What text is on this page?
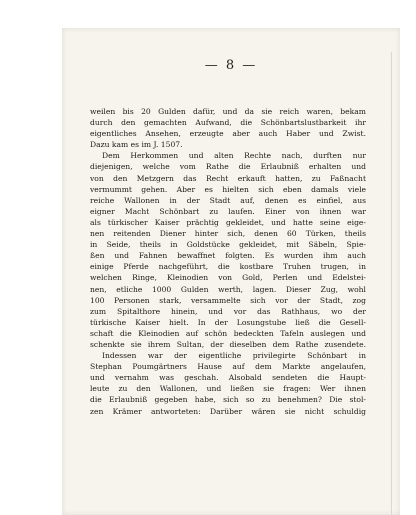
— 8 —
weilen bis 20 Gulden dafür, und da sie reich waren, bekam
durch den gemachten Aufwand, die Schönbartslustbarkeit ihr
eigentliches Ansehen, erzeugte aber auch Haber und Zwist.
Dazu kam es im J. 1507.
Dem Herkommen und alten Rechte nach, durften nur
diejenigen, welche vom Rathe die Erlaubniß erhalten und
von den Metzgern das Recht erkauft hatten, zu Faßnacht
vermummt gehen. Aber es hielten sich eben damals viele
reiche Wallonen in der Stadt auf, denen es einfiel, aus
eigner Macht Schönbart zu laufen. Einer von ihnen war
als türkischer Kaiser prächtig gekleidet, und hatte seine eige-
nen reitenden Diener hinter sich, denen 60 Türken, theils
in Seide, theils in Goldstücke gekleidet, mit Säbeln, Spie-
ßen und Fahnen bewaffnet folgten. Es wurden ihm auch
einige Pferde nachgeführt, die kostbare Truhen trugen, in
welchen Ringe, Kleinodien von Gold, Perlen und Edelstei-
nen, etliche 1000 Gulden werth, lagen. Dieser Zug, wohl
100 Personen stark, versammelte sich vor der Stadt, zog
zum Spitalthore hinein, und vor das Rathhaus, wo der
türkische Kaiser hielt. In der Losungstube ließ die Gesell-
schaft die Kleinodien auf schön bedeckten Tafeln auslegen und
schenkte sie ihrem Sultan, der dieselben dem Rathe zusendete.
Indessen war der eigentliche privilegirte Schönbart in
Stephan Poumgärtners Hause auf dem Markte angelaufen,
und vernahm was geschah. Alsobald sendeten die Haupt-
leute zu den Wallonen, und ließen sie fragen: Wer ihnen
die Erlaubniß gegeben habe, sich so zu benehmen? Die stol-
zen Krämer antworteten: Darüber wären sie nicht schuldig
